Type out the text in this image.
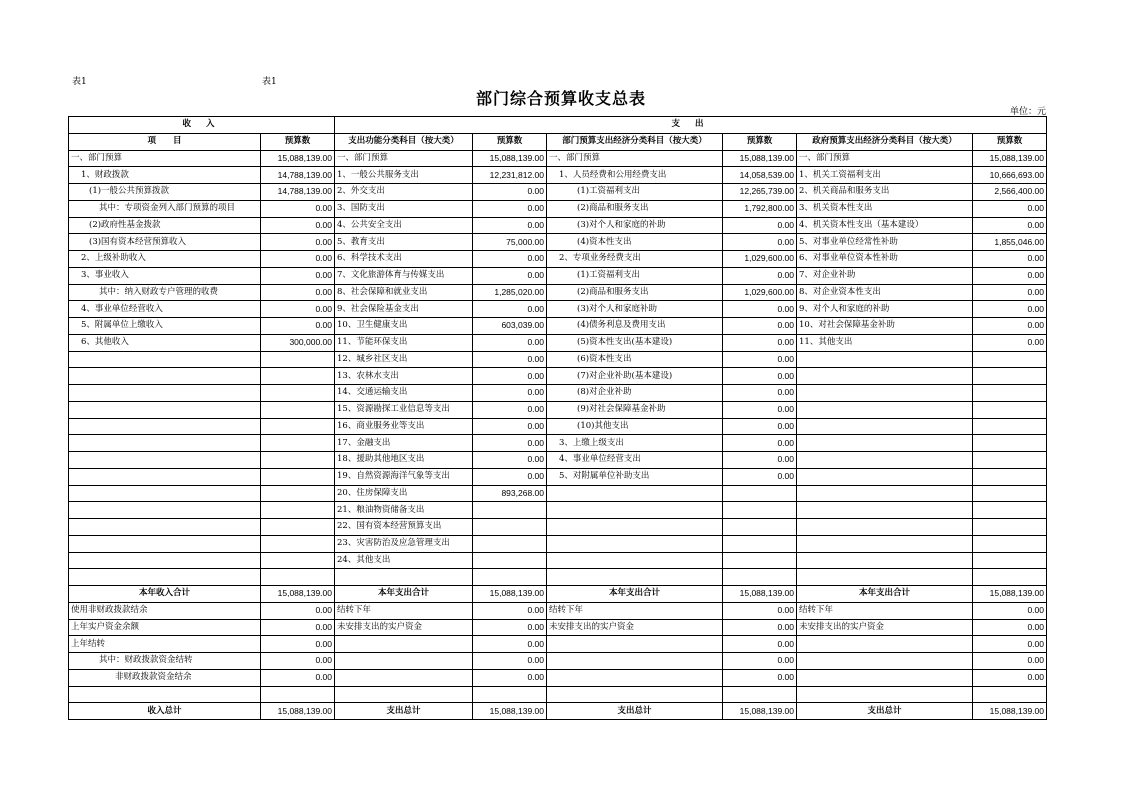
表1	表1
部门综合预算收支总表
单位：元
收 入		支 出					
项　　目	预算数	支出功能分类科目（按大类）	预算数	部门预算支出经济分类科目（按大类）	预算数	政府预算支出经济分类科目（按大类）	预算数
一、部门预算	15,088,139.00	一、部门预算	15,088,139.00	一、部门预算	15,088,139.00	一、部门预算	15,088,139.00
1、财政拨款	14,788,139.00	1、一般公共服务支出	12,231,812.00	1、人员经费和公用经费支出	14,058,539.00	1、机关工资福利支出	10,666,693.00
(1)一般公共预算拨款	14,788,139.00	2、外交支出	0.00	(1)工资福利支出	12,265,739.00	2、机关商品和服务支出	2,566,400.00
其中：专项资金列入部门预算的项目	0.00	3、国防支出	0.00	(2)商品和服务支出	1,792,800.00	3、机关资本性支出	0.00
(2)政府性基金拨款	0.00	4、公共安全支出	0.00	(3)对个人和家庭的补助	0.00	4、机关资本性支出（基本建设）	0.00
(3)国有资本经营预算收入	0.00	5、教育支出	75,000.00	(4)资本性支出	0.00	5、对事业单位经常性补助	1,855,046.00
2、上级补助收入	0.00	6、科学技术支出	0.00	2、专项业务经费支出	1,029,600.00	6、对事业单位资本性补助	0.00
3、事业收入	0.00	7、文化旅游体育与传媒支出	0.00	(1)工资福利支出	0.00	7、对企业补助	0.00
其中：纳入财政专户管理的收费	0.00	8、社会保障和就业支出	1,285,020.00	(2)商品和服务支出	1,029,600.00	8、对企业资本性支出	0.00
4、事业单位经营收入	0.00	9、社会保险基金支出	0.00	(3)对个人和家庭补助	0.00	9、对个人和家庭的补助	0.00
5、附属单位上缴收入	0.00	10、卫生健康支出	603,039.00	(4)债务利息及费用支出	0.00	10、对社会保障基金补助	0.00
6、其他收入	300,000.00	11、节能环保支出	0.00	(5)资本性支出(基本建设)	0.00	11、其他支出	0.00
		12、城乡社区支出	0.00	(6)资本性支出	0.00		
		13、农林水支出	0.00	(7)对企业补助(基本建设)	0.00		
		14、交通运输支出	0.00	(8)对企业补助	0.00		
		15、资源勘探工业信息等支出	0.00	(9)对社会保障基金补助	0.00		
		16、商业服务业等支出	0.00	(10)其他支出	0.00		
		17、金融支出	0.00	3、上缴上级支出	0.00		
		18、援助其他地区支出	0.00	4、事业单位经营支出	0.00		
		19、自然资源海洋气象等支出	0.00	5、对附属单位补助支出	0.00		
		20、住房保障支出	893,268.00				
		21、粮油物资储备支出					
		22、国有资本经营预算支出					
		23、灾害防治及应急管理支出					
		24、其他支出					

本年收入合计	15,088,139.00	本年支出合计	15,088,139.00	本年支出合计	15,088,139.00	本年支出合计	15,088,139.00
使用非财政拨款结余	0.00	结转下年	0.00	结转下年	0.00	结转下年	0.00
上年实户资金余额	0.00	未安排支出的实户资金	0.00	未安排支出的实户资金	0.00	未安排支出的实户资金	0.00
上年结转	0.00		0.00		0.00		0.00
其中：财政拨款资金结转	0.00		0.00		0.00		0.00
非财政拨款资金结余	0.00		0.00		0.00		0.00

收入总计	15,088,139.00	支出总计	15,088,139.00	支出总计	15,088,139.00	支出总计	15,088,139.00
